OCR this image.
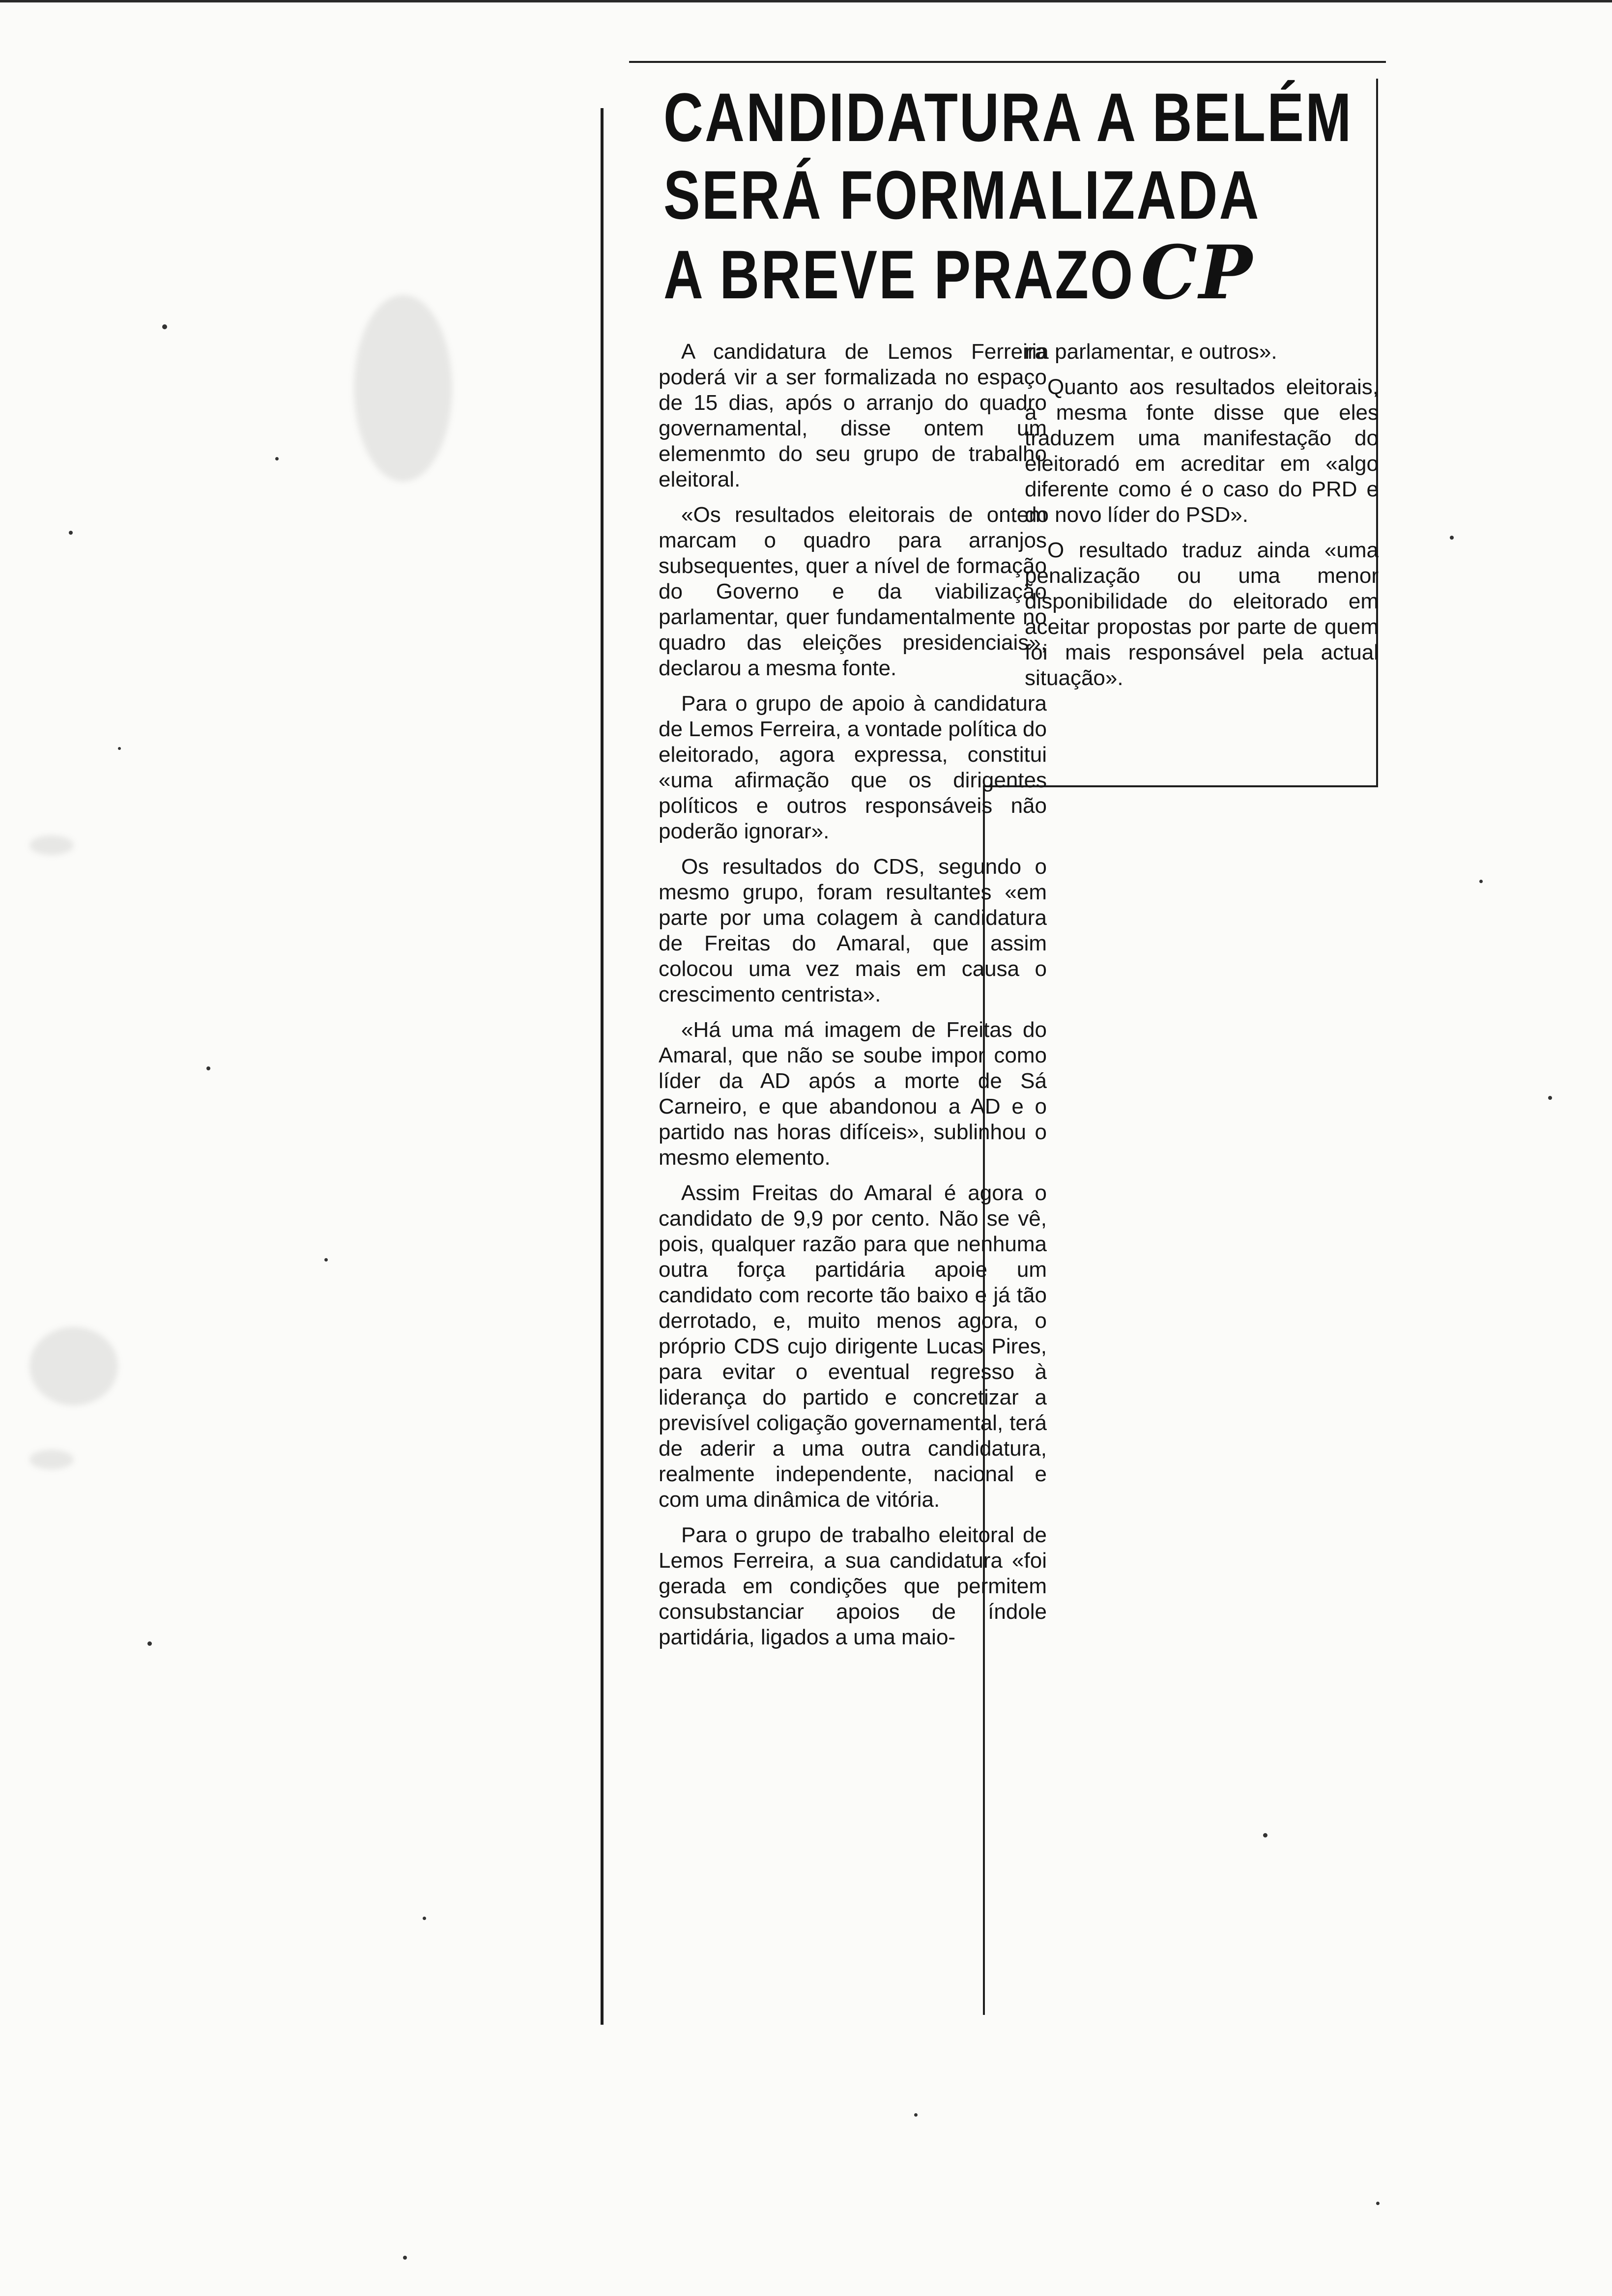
CANDIDATURA A BELÉM
SERÁ FORMALIZADA
A BREVE PRAZOCP

A candidatura de Lemos Ferreira poderá vir a ser formalizada no espaço de 15 dias, após o arranjo do quadro governamental, disse ontem um elemenmto do seu grupo de trabalho eleitoral.

«Os resultados eleitorais de ontem marcam o quadro para arranjos subsequentes, quer a nível de formação do Governo e da viabilização parlamentar, quer fundamentalmente no quadro das eleições presidenciais», declarou a mesma fonte.

Para o grupo de apoio à candidatura de Lemos Ferreira, a vontade política do eleitorado, agora expressa, constitui «uma afirmação que os dirigentes políticos e outros responsáveis não poderão ignorar».

Os resultados do CDS, segundo o mesmo grupo, foram resultantes «em parte por uma colagem à candidatura de Freitas do Amaral, que assim colocou uma vez mais em causa o crescimento centrista».

«Há uma má imagem de Freitas do Amaral, que não se soube impor como líder da AD após a morte de Sá Carneiro, e que abandonou a AD e o partido nas horas difíceis», sublinhou o mesmo elemento.

Assim Freitas do Amaral é agora o candidato de 9,9 por cento. Não se vê, pois, qualquer razão para que nenhuma outra força partidária apoie um candidato com recorte tão baixo e já tão derrotado, e, muito menos agora, o próprio CDS cujo dirigente Lucas Pires, para evitar o eventual regresso à liderança do partido e concretizar a previsível coligação governamental, terá de aderir a uma outra candidatura, realmente independente, nacional e com uma dinâmica de vitória.

Para o grupo de trabalho eleitoral de Lemos Ferreira, a sua candidatura «foi gerada em condições que permitem consubstanciar apoios de índole partidária, ligados a uma maio-

ria parlamentar, e outros».

Quanto aos resultados eleitorais, a mesma fonte disse que eles traduzem uma manifestação do eleitoradó em acreditar em «algo diferente como é o caso do PRD e do novo líder do PSD».

O resultado traduz ainda «uma penalização ou uma menor disponibilidade do eleitorado em aceitar propostas por parte de quem foi mais responsável pela actual situação».
